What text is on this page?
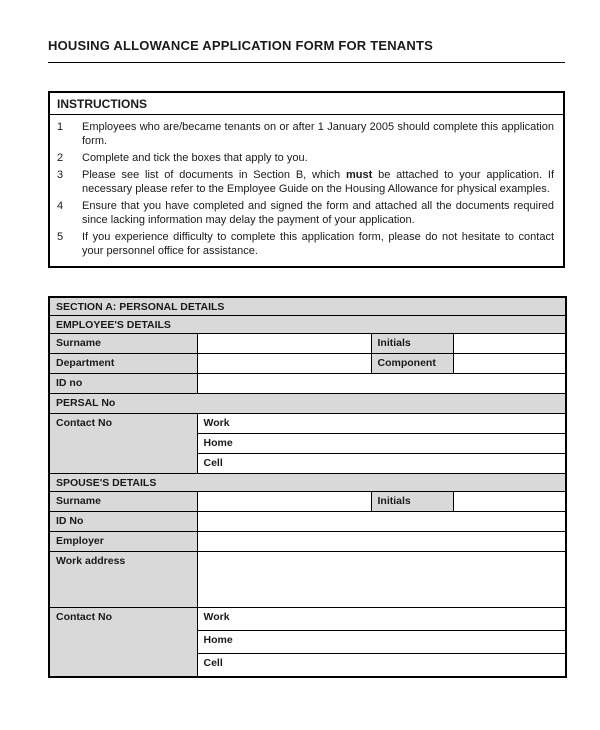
HOUSING ALLOWANCE APPLICATION FORM FOR TENANTS
INSTRUCTIONS
1	Employees who are/became tenants on or after 1 January 2005 should complete this application form.
2	Complete and tick the boxes that apply to you.
3	Please see list of documents in Section B, which must be attached to your application. If necessary please refer to the Employee Guide on the Housing Allowance for physical examples.
4	Ensure that you have completed and signed the form and attached all the documents required since lacking information may delay the payment of your application.
5	If you experience difficulty to complete this application form, please do not hesitate to contact your personnel office for assistance.
SECTION A: PERSONAL DETAILS			
EMPLOYEE'S DETAILS			
Surname		Initials	
Department		Component	
ID no			
PERSAL No			
Contact No	Work		
	Home		
	Cell		
SPOUSE'S DETAILS			
Surname		Initials	
ID No			
Employer			
Work address			
Contact No	Work		
	Home		
	Cell		
